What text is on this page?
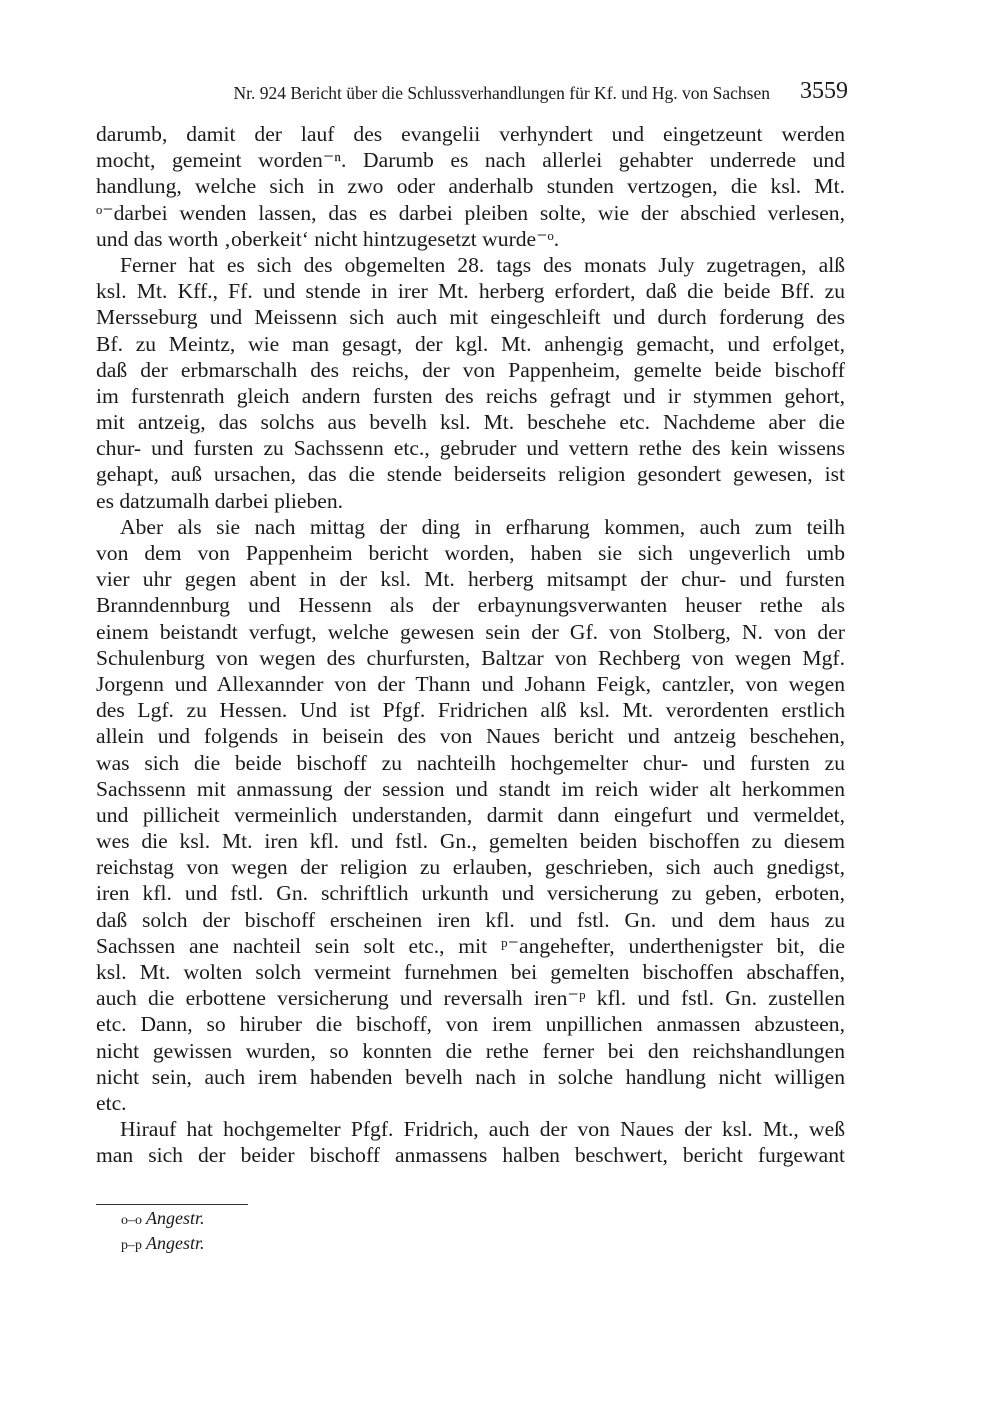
Nr. 924 Bericht über die Schlussverhandlungen für Kf. und Hg. von Sachsen 3559
darumb, damit der lauf des evangelii verhyndert und eingetzeunt werden
mocht, gemeint worden⁻ⁿ. Darumb es nach allerlei gehabter underrede und
handlung, welche sich in zwo oder anderhalb stunden vertzogen, die ksl. Mt.
ᵒ⁻darbei wenden lassen, das es darbei pleiben solte, wie der abschied verlesen,
und das worth ‚oberkeit‘ nicht hintzugesetzt wurde⁻ᵒ.
Ferner hat es sich des obgemelten 28. tags des monats July zugetragen, alß
ksl. Mt. Kff., Ff. und stende in irer Mt. herberg erfordert, daß die beide Bff. zu
Mersseburg und Meissenn sich auch mit eingeschleift und durch forderung des
Bf. zu Meintz, wie man gesagt, der kgl. Mt. anhengig gemacht, und erfolget,
daß der erbmarschalh des reichs, der von Pappenheim, gemelte beide bischoff
im furstenrath gleich andern fursten des reichs gefragt und ir stymmen gehort,
mit antzeig, das solchs aus bevelh ksl. Mt. beschehe etc. Nachdeme aber die
chur- und fursten zu Sachssenn etc., gebruder und vettern rethe des kein wissens
gehapt, auß ursachen, das die stende beiderseits religion gesondert gewesen, ist
es datzumalh darbei plieben.
Aber als sie nach mittag der ding in erfharung kommen, auch zum teilh
von dem von Pappenheim bericht worden, haben sie sich ungeverlich umb
vier uhr gegen abent in der ksl. Mt. herberg mitsampt der chur- und fursten
Branndennburg und Hessenn als der erbaynungsverwanten heuser rethe als
einem beistandt verfugt, welche gewesen sein der Gf. von Stolberg, N. von der
Schulenburg von wegen des churfursten, Baltzar von Rechberg von wegen Mgf.
Jorgenn und Allexannder von der Thann und Johann Feigk, cantzler, von wegen
des Lgf. zu Hessen. Und ist Pfgf. Fridrichen alß ksl. Mt. verordenten erstlich
allein und folgends in beisein des von Naues bericht und antzeig beschehen,
was sich die beide bischoff zu nachteilh hochgemelter chur- und fursten zu
Sachssenn mit anmassung der session und standt im reich wider alt herkommen
und pillicheit vermeinlich understanden, darmit dann eingefurt und vermeldet,
wes die ksl. Mt. iren kfl. und fstl. Gn., gemelten beiden bischoffen zu diesem
reichstag von wegen der religion zu erlauben, geschrieben, sich auch gnedigst,
iren kfl. und fstl. Gn. schriftlich urkunth und versicherung zu geben, erboten,
daß solch der bischoff erscheinen iren kfl. und fstl. Gn. und dem haus zu
Sachssen ane nachteil sein solt etc., mit ᵖ⁻angehefter, underthenigster bit, die
ksl. Mt. wolten solch vermeint furnehmen bei gemelten bischoffen abschaffen,
auch die erbottene versicherung und reversalh iren⁻ᵖ kfl. und fstl. Gn. zustellen
etc. Dann, so hiruber die bischoff, von irem unpillichen anmassen abzusteen,
nicht gewissen wurden, so konnten die rethe ferner bei den reichshandlungen
nicht sein, auch irem habenden bevelh nach in solche handlung nicht willigen
etc.
Hirauf hat hochgemelter Pfgf. Fridrich, auch der von Naues der ksl. Mt., weß
man sich der beider bischoff anmassens halben beschwert, bericht furgewant
o–o Angestr.
p–p Angestr.
